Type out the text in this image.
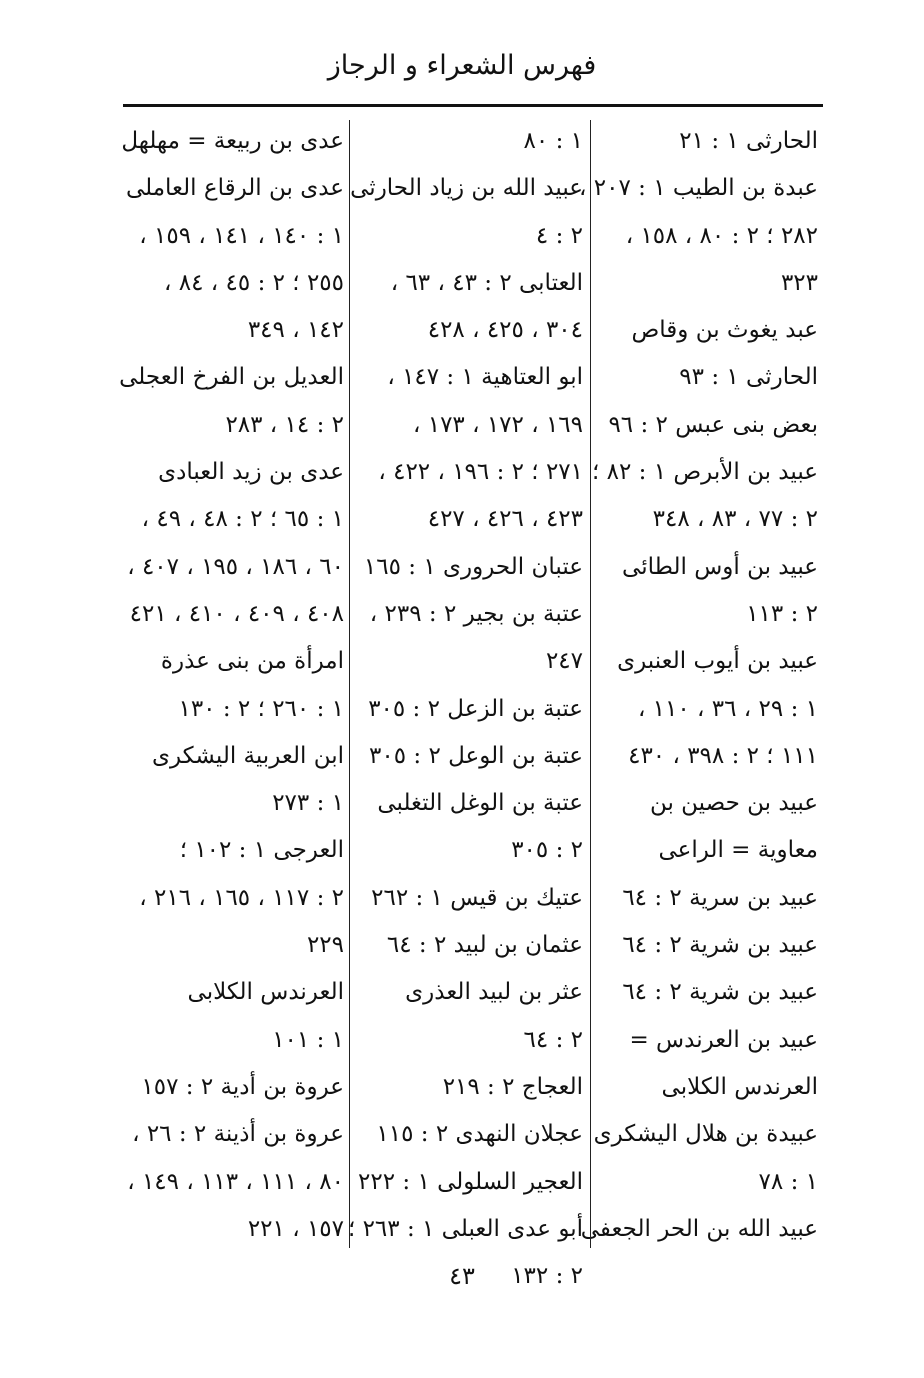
فهرس الشعراء و الرجاز
الحارثى ١ : ٢١
عبدة بن الطيب ١ : ٢٠٧ ،
٢٨٢ ؛ ٢ : ٨٠ ، ١٥٨ ،
٣٢٣
عبد يغوث بن وقاص
الحارثى ١ : ٩٣
بعض بنى عبس ٢ : ٩٦
عبيد بن الأبرص ١ : ٨٢ ؛
٢ : ٧٧ ، ٨٣ ، ٣٤٨
عبيد بن أوس الطائى
٢ : ١١٣
عبيد بن أيوب العنبرى
١ : ٢٩ ، ٣٦ ، ١١٠ ،
١١١ ؛ ٢ : ٣٩٨ ، ٤٣٠
عبيد بن حصين بن
معاوية = الراعى
عبيد بن سرية ٢ : ٦٤
عبيد بن شرية ٢ : ٦٤
عبيد بن شرية ٢ : ٦٤
عبيد بن العرندس =
العرندس الكلابى
عبيدة بن هلال اليشكرى
١ : ٧٨
عبيد الله بن الحر الجعفى
١ : ٨٠
عبيد الله بن زياد الحارثى
٢ : ٤
العتابى ٢ : ٤٣ ، ٦٣ ،
٣٠٤ ، ٤٢٥ ، ٤٢٨
ابو العتاهية ١ : ١٤٧ ،
١٦٩ ، ١٧٢ ، ١٧٣ ،
٢٧١ ؛ ٢ : ١٩٦ ، ٤٢٢ ،
٤٢٣ ، ٤٢٦ ، ٤٢٧
عتبان الحرورى ١ : ١٦٥
عتبة بن بجير ٢ : ٢٣٩ ،
٢٤٧
عتبة بن الزعل ٢ : ٣٠٥
عتبة بن الوعل ٢ : ٣٠٥
عتبة بن الوغل التغلبى
٢ : ٣٠٥
عتيك بن قيس ١ : ٢٦٢
عثمان بن لبيد ٢ : ٦٤
عثر بن لبيد العذرى
٢ : ٦٤
العجاج ٢ : ٢١٩
عجلان النهدى ٢ : ١١٥
العجير السلولى ١ : ٢٢٢
أبو عدى العبلى ١ : ٢٦٣ ؛
٢ : ١٣٢
عدى بن ربيعة = مهلهل
عدى بن الرقاع العاملى
١ : ١٤٠ ، ١٤١ ، ١٥٩ ،
٢٥٥ ؛ ٢ : ٤٥ ، ٨٤ ،
١٤٢ ، ٣٤٩
العديل بن الفرخ العجلى
٢ : ١٤ ، ٢٨٣
عدى بن زيد العبادى
١ : ٦٥ ؛ ٢ : ٤٨ ، ٤٩ ،
٦٠ ، ١٨٦ ، ١٩٥ ، ٤٠٧ ،
٤٠٨ ، ٤٠٩ ، ٤١٠ ، ٤٢١
امرأة من بنى عذرة
١ : ٢٦٠ ؛ ٢ : ١٣٠
ابن العربية اليشكرى
١ : ٢٧٣
العرجى ١ : ١٠٢ ؛
٢ : ١١٧ ، ١٦٥ ، ٢١٦ ،
٢٢٩
العرندس الكلابى
١ : ١٠١
عروة بن أدية ٢ : ١٥٧
عروة بن أذينة ٢ : ٢٦ ،
٨٠ ، ١١١ ، ١١٣ ، ١٤٩ ،
١٥٧ ، ٢٢١
٤٣
